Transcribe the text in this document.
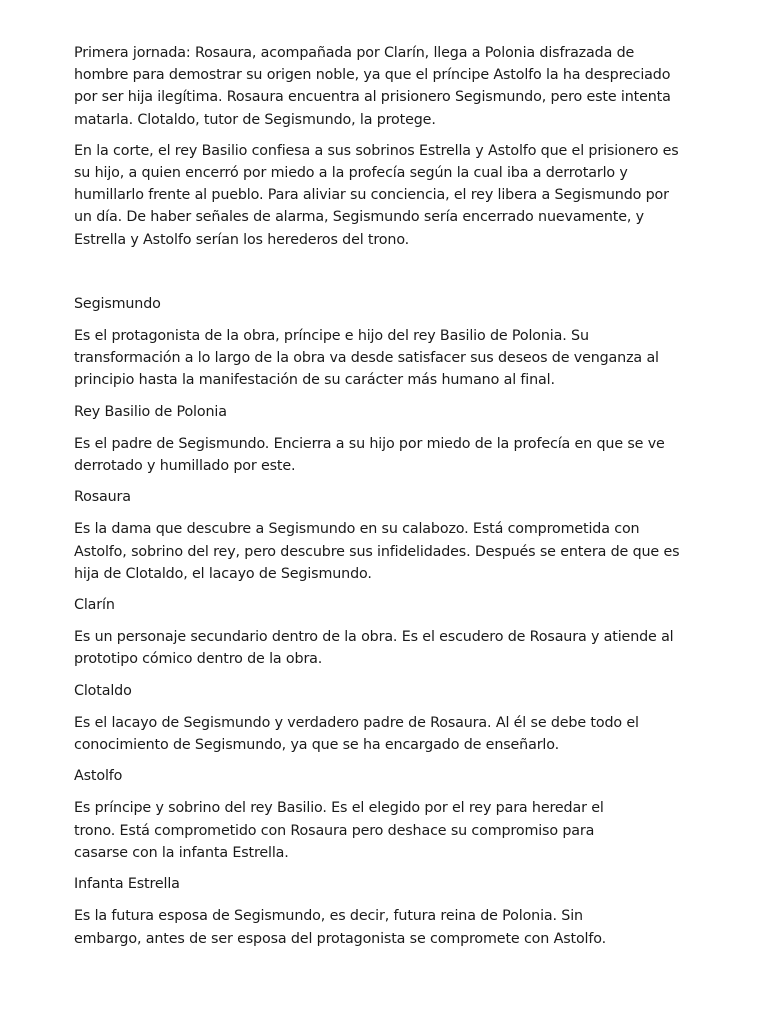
Primera jornada: Rosaura, acompañada por Clarín, llega a Polonia disfrazada de
hombre para demostrar su origen noble, ya que el príncipe Astolfo la ha despreciado
por ser hija ilegítima. Rosaura encuentra al prisionero Segismundo, pero este intenta
matarla. Clotaldo, tutor de Segismundo, la protege.

En la corte, el rey Basilio confiesa a sus sobrinos Estrella y Astolfo que el prisionero es
su hijo, a quien encerró por miedo a la profecía según la cual iba a derrotarlo y
humillarlo frente al pueblo. Para aliviar su conciencia, el rey libera a Segismundo por
un día. De haber señales de alarma, Segismundo sería encerrado nuevamente, y
Estrella y Astolfo serían los herederos del trono.

Segismundo

Es el protagonista de la obra, príncipe e hijo del rey Basilio de Polonia. Su
transformación a lo largo de la obra va desde satisfacer sus deseos de venganza al
principio hasta la manifestación de su carácter más humano al final.

Rey Basilio de Polonia

Es el padre de Segismundo. Encierra a su hijo por miedo de la profecía en que se ve
derrotado y humillado por este.

Rosaura

Es la dama que descubre a Segismundo en su calabozo. Está comprometida con
Astolfo, sobrino del rey, pero descubre sus infidelidades. Después se entera de que es
hija de Clotaldo, el lacayo de Segismundo.

Clarín

Es un personaje secundario dentro de la obra. Es el escudero de Rosaura y atiende al
prototipo cómico dentro de la obra.

Clotaldo

Es el lacayo de Segismundo y verdadero padre de Rosaura. Al él se debe todo el
conocimiento de Segismundo, ya que se ha encargado de enseñarlo.

Astolfo

Es príncipe y sobrino del rey Basilio. Es el elegido por el rey para heredar el
trono. Está comprometido con Rosaura pero deshace su compromiso para
casarse con la infanta Estrella.

Infanta Estrella

Es la futura esposa de Segismundo, es decir, futura reina de Polonia. Sin
embargo, antes de ser esposa del protagonista se compromete con Astolfo.
